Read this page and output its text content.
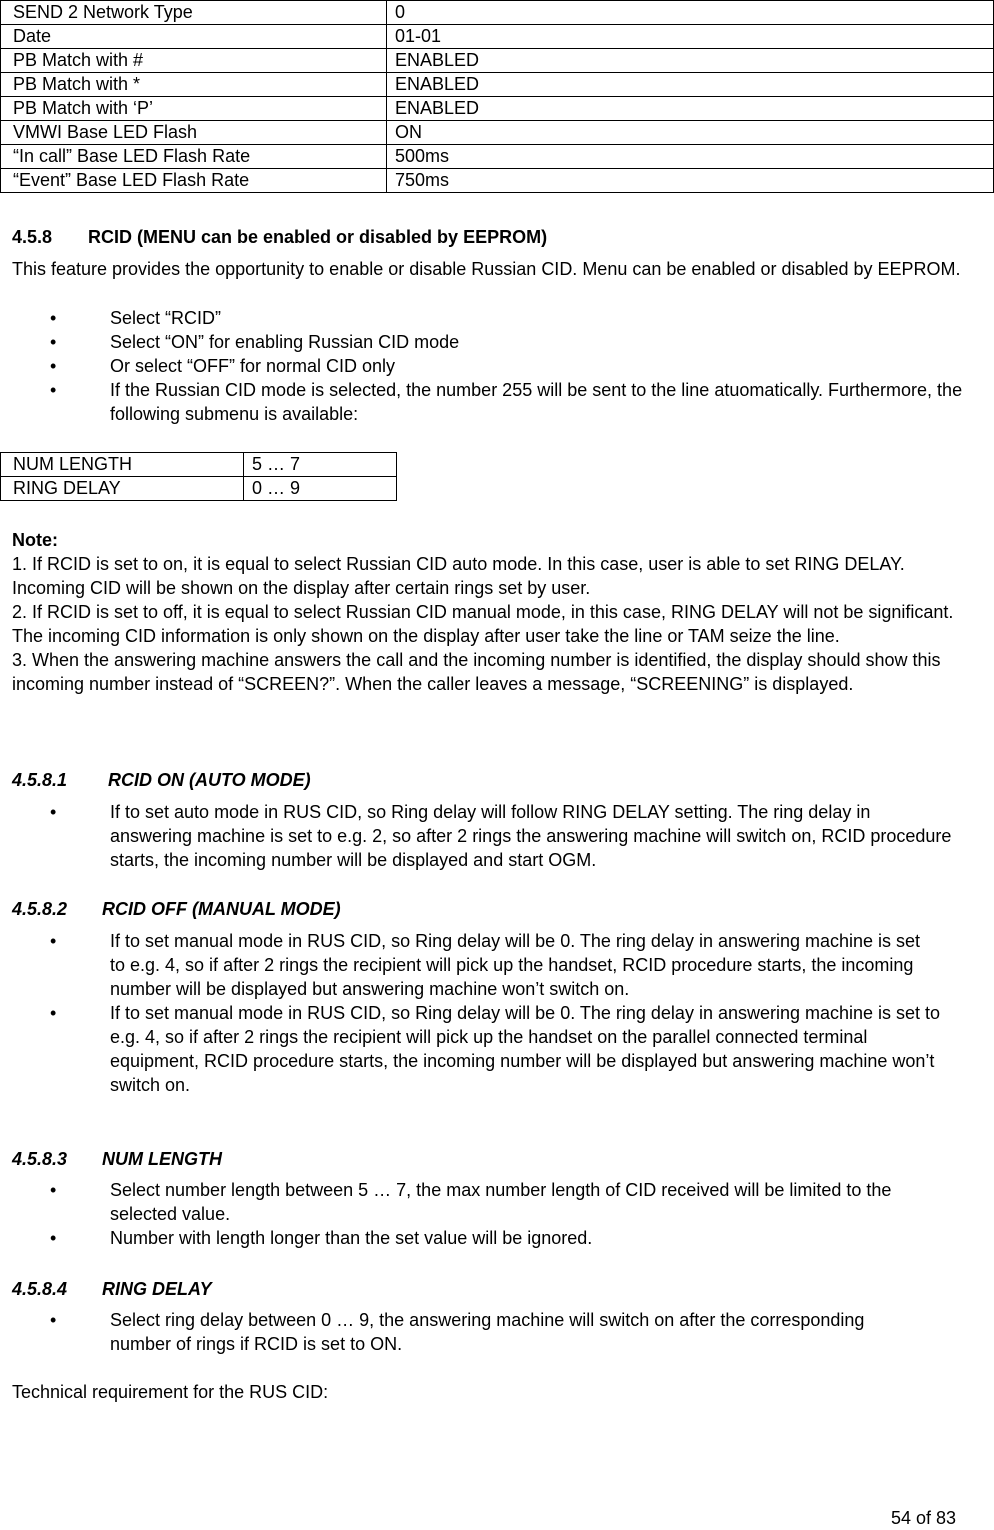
SEND 2 Network Type	0
Date	01-01
PB Match with #	ENABLED
PB Match with *	ENABLED
PB Match with ‘P’	ENABLED
VMWI Base LED Flash	ON
“In call” Base LED Flash Rate	500ms
“Event” Base LED Flash Rate	750ms
4.5.8 RCID (MENU can be enabled or disabled by EEPROM)

This feature provides the opportunity to enable or disable Russian CID. Menu can be enabled or disabled by EEPROM.

• Select “RCID”
• Select “ON” for enabling Russian CID mode
• Or select “OFF” for normal CID only
• If the Russian CID mode is selected, the number 255 will be sent to the line atuomatically. Furthermore, the following submenu is available:
NUM LENGTH	5 … 7
RING DELAY	0 … 9

Note:

1. If RCID is set to on, it is equal to select Russian CID auto mode. In this case, user is able to set RING DELAY. Incoming CID will be shown on the display after certain rings set by user.

2. If RCID is set to off, it is equal to select Russian CID manual mode, in this case, RING DELAY will not be significant. The incoming CID information is only shown on the display after user take the line or TAM seize the line.

3. When the answering machine answers the call and the incoming number is identified, the display should show this incoming number instead of “SCREEN?”. When the caller leaves a message, “SCREENING” is displayed.

4.5.8.1 RCID ON (AUTO MODE)
• If to set auto mode in RUS CID, so Ring delay will follow RING DELAY setting. The ring delay in answering machine is set to e.g. 2, so after 2 rings the answering machine will switch on, RCID procedure starts, the incoming number will be displayed and start OGM.
4.5.8.2 RCID OFF (MANUAL MODE)
• If to set manual mode in RUS CID, so Ring delay will be 0. The ring delay in answering machine is set to e.g. 4, so if after 2 rings the recipient will pick up the handset, RCID procedure starts, the incoming number will be displayed but answering machine won’t switch on.
• If to set manual mode in RUS CID, so Ring delay will be 0. The ring delay in answering machine is set to e.g. 4, so if after 2 rings the recipient will pick up the handset on the parallel connected terminal equipment, RCID procedure starts, the incoming number will be displayed but answering machine won’t switch on.
4.5.8.3 NUM LENGTH
• Select number length between 5 … 7, the max number length of CID received will be limited to the selected value.
• Number with length longer than the set value will be ignored.
4.5.8.4 RING DELAY
• Select ring delay between 0 … 9, the answering machine will switch on after the corresponding number of rings if RCID is set to ON.

Technical requirement for the RUS CID:

54 of 83
